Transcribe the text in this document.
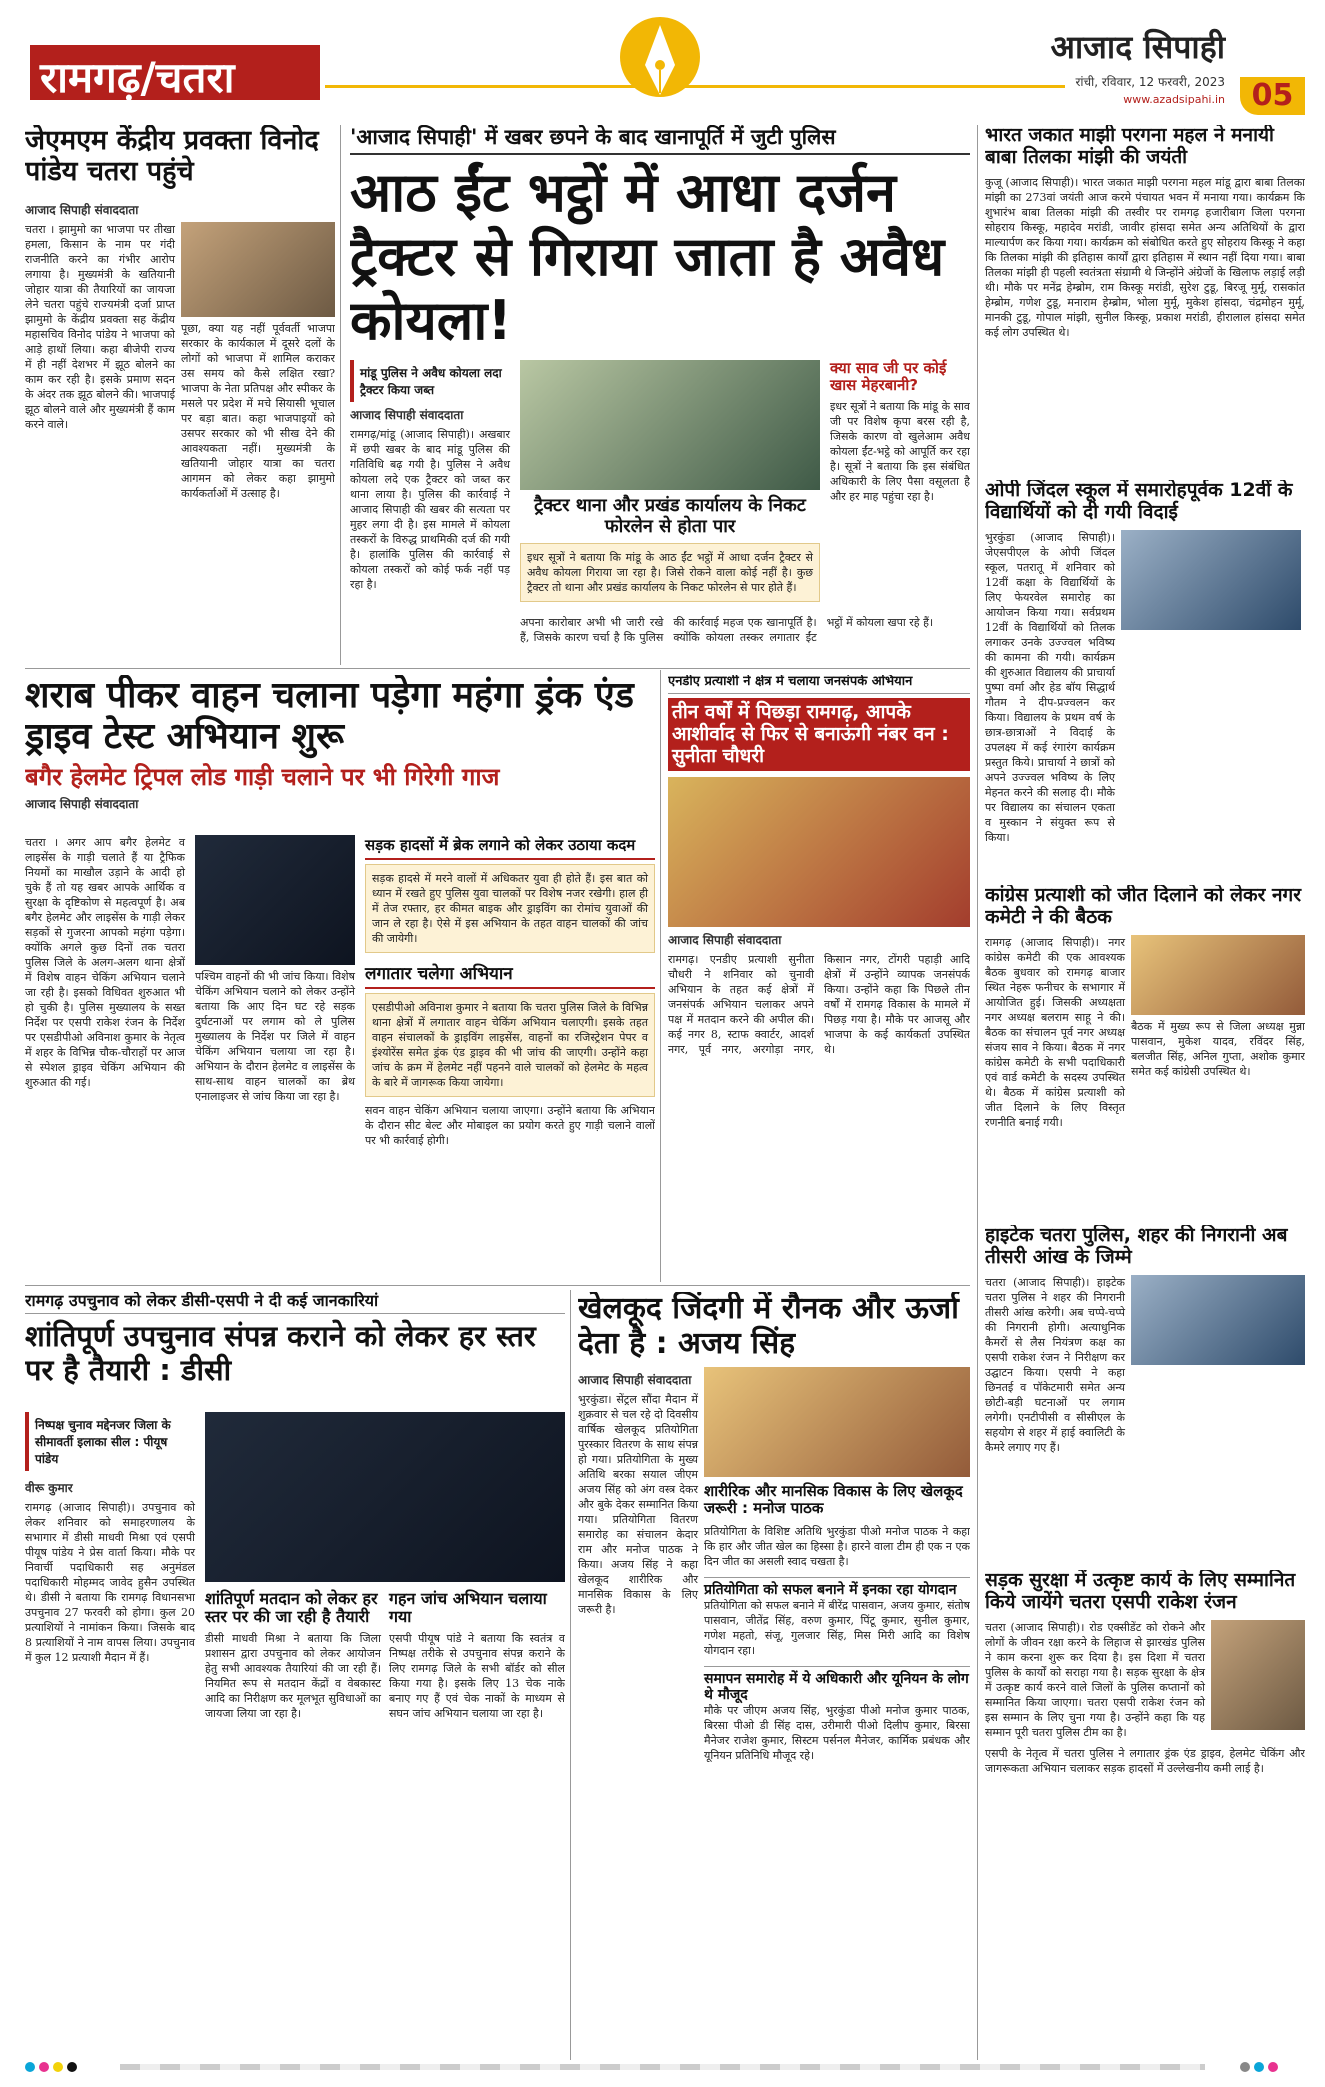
रामगढ़/चतरा
आजाद सिपाही
रांची, रविवार, 12 फरवरी, 2023
www.azadsipahi.in 05
जेएमएम केंद्रीय प्रवक्ता विनोद पांडेय चतरा पहुंचे
आजाद सिपाही संवाददाता
चतरा । झामुमो का भाजपा पर तीखा हमला, किसान के नाम पर गंदी राजनीति करने का गंभीर आरोप लगाया है। मुख्यमंत्री के खतियानी जोहार यात्रा की तैयारियों का जायजा लेने चतरा पहुंचे राज्यमंत्री दर्जा प्राप्त झामुमो के केंद्रीय प्रवक्ता सह केंद्रीय महासचिव विनोद पांडेय ने भाजपा को आड़े हाथों लिया। कहा बीजेपी राज्य में ही नहीं देशभर में झूठ बोलने का काम कर रही है। इसके प्रमाण सदन के अंदर तक झूठ बोलने की। भाजपाई झूठ बोलने वाले और मुख्यमंत्री हैं काम करने वाले।
पूछा, क्या यह नहीं पूर्ववर्ती भाजपा सरकार के कार्यकाल में दूसरे दलों के लोगों को भाजपा में शामिल कराकर उस समय को कैसे लक्षित रखा? भाजपा के नेता प्रतिपक्ष और स्पीकर के मसले पर प्रदेश में मचे सियासी भूचाल पर बड़ा बात। कहा भाजपाइयों को उसपर सरकार को भी सीख देने की आवश्यकता नहीं। मुख्यमंत्री के खतियानी जोहार यात्रा का चतरा आगमन को लेकर कहा झामुमो कार्यकर्ताओं में उत्साह है।
'आजाद सिपाही' में खबर छपने के बाद खानापूर्ति में जुटी पुलिस
आठ ईंट भट्ठों में आधा दर्जन ट्रैक्टर से गिराया जाता है अवैध कोयला!
मांडू पुलिस ने अवैध कोयला लदा ट्रैक्टर किया जब्त
आजाद सिपाही संवाददाता
रामगढ़/मांडू (आजाद सिपाही)। अखबार में छपी खबर के बाद मांडू पुलिस की गतिविधि बढ़ गयी है। पुलिस ने अवैध कोयला लदे एक ट्रैक्टर को जब्त कर थाना लाया है। पुलिस की कार्रवाई ने आजाद सिपाही की खबर की सत्यता पर मुहर लगा दी है। इस मामले में कोयला तस्करों के विरुद्ध प्राथमिकी दर्ज की गयी है। हालांकि पुलिस की कार्रवाई से कोयला तस्करों को कोई फर्क नहीं पड़ रहा है।
ट्रैक्टर थाना और प्रखंड कार्यालय के निकट फोरलेन से होता पार
इधर सूत्रों ने बताया कि मांडू के आठ ईंट भट्ठों में आधा दर्जन ट्रैक्टर से अवैध कोयला गिराया जा रहा है। जिसे रोकने वाला कोई नहीं है। कुछ ट्रैक्टर तो थाना और प्रखंड कार्यालय के निकट फोरलेन से पार होते हैं।
क्या साव जी पर कोई खास मेहरबानी?
इधर सूत्रों ने बताया कि मांडू के साव जी पर विशेष कृपा बरस रही है, जिसके कारण वो खुलेआम अवैध कोयला ईंट-भट्ठे को आपूर्ति कर रहा है। सूत्रों ने बताया कि इस संबंधित अधिकारी के लिए पैसा वसूलता है और हर माह पहुंचा रहा है।
अपना कारोबार अभी भी जारी रखे हैं, जिसके कारण चर्चा है कि पुलिस की कार्रवाई महज एक खानापूर्ति है। क्योंकि कोयला तस्कर लगातार ईंट भट्ठों में कोयला खपा रहे हैं।
भारत जकात माझी परगना महल ने मनायी बाबा तिलका मांझी की जयंती
कुजू (आजाद सिपाही)। भारत जकात माझी परगना महल मांडू द्वारा बाबा तिलका मांझी का 273वां जयंती आज करमे पंचायत भवन में मनाया गया। कार्यक्रम कि शुभारंभ बाबा तिलका मांझी की तस्वीर पर रामगढ़ हजारीबाग जिला परगना सोहराय किस्कू, महादेव मरांडी, जावीर हांसदा समेत अन्य अतिथियों के द्वारा माल्यार्पण कर किया गया। कार्यक्रम को संबोधित करते हुए सोहराय किस्कू ने कहा कि तिलका मांझी की इतिहास कार्यों द्वारा इतिहास में स्थान नहीं दिया गया। बाबा तिलका मांझी ही पहली स्वतंत्रता संग्रामी थे जिन्होंने अंग्रेजों के खिलाफ लड़ाई लड़ी थी। मौके पर मनेंद्र हेम्ब्रोम, राम किस्कू मरांडी, सुरेश टुडू, बिरजू मुर्मू, रासकांत हेम्ब्रोम, गणेश टुडू, मनाराम हेम्ब्रोम, भोला मुर्मू, मुकेश हांसदा, चंद्रमोहन मुर्मू, मानकी टुडू, गोपाल मांझी, सुनील किस्कू, प्रकाश मरांडी, हीरालाल हांसदा समेत कई लोग उपस्थित थे।
ओपी जिंदल स्कूल में समारोहपूर्वक 12वीं के विद्यार्थियों को दी गयी विदाई
भुरकुंडा (आजाद सिपाही)। जेएसपीएल के ओपी जिंदल स्कूल, पतरातू में शनिवार को 12वीं कक्षा के विद्यार्थियों के लिए फेयरवेल समारोह का आयोजन किया गया। सर्वप्रथम 12वीं के विद्यार्थियों को तिलक लगाकर उनके उज्ज्वल भविष्य की कामना की गयी। कार्यक्रम की शुरुआत विद्यालय की प्राचार्या पुष्पा वर्मा और हेड बॉय सिद्धार्थ गौतम ने दीप-प्रज्वलन कर किया। विद्यालय के प्रथम वर्ष के छात्र-छात्राओं ने विदाई के उपलक्ष्य में कई रंगारंग कार्यक्रम प्रस्तुत किये। प्राचार्या ने छात्रों को अपने उज्ज्वल भविष्य के लिए मेहनत करने की सलाह दी। मौके पर विद्यालय का संचालन एकता व मुस्कान ने संयुक्त रूप से किया।
शराब पीकर वाहन चलाना पड़ेगा महंगा ड्रंक एंड ड्राइव टेस्ट अभियान शुरू
बगैर हेलमेट ट्रिपल लोड गाड़ी चलाने पर भी गिरेगी गाज
आजाद सिपाही संवाददाता
चतरा । अगर आप बगैर हेलमेट व लाइसेंस के गाड़ी चलाते हैं या ट्रैफिक नियमों का माखौल उड़ाने के आदी हो चुके हैं तो यह खबर आपके आर्थिक व सुरक्षा के दृष्टिकोण से महत्वपूर्ण है। अब बगैर हेलमेट और लाइसेंस के गाड़ी लेकर सड़कों से गुजरना आपको महंगा पड़ेगा। क्योंकि अगले कुछ दिनों तक चतरा पुलिस जिले के अलग-अलग थाना क्षेत्रों में विशेष वाहन चेकिंग अभियान चलाने जा रही है। इसको विधिवत शुरुआत भी हो चुकी है। पुलिस मुख्यालय के सख्त निर्देश पर एसपी राकेश रंजन के निर्देश पर एसडीपीओ अविनाश कुमार के नेतृत्व में शहर के विभिन्न चौक-चौराहों पर आज से स्पेशल ड्राइव चेकिंग अभियान की शुरुआत की गई।
पश्चिम वाहनों की भी जांच किया। विशेष चेकिंग अभियान चलाने को लेकर उन्होंने बताया कि आए दिन घट रहे सड़क दुर्घटनाओं पर लगाम को ले पुलिस मुख्यालय के निर्देश पर जिले में वाहन चेकिंग अभियान चलाया जा रहा है। अभियान के दौरान हेलमेट व लाइसेंस के साथ-साथ वाहन चालकों का ब्रेथ एनालाइजर से जांच किया जा रहा है।
सड़क हादसों में ब्रेक लगाने को लेकर उठाया कदम
सड़क हादसे में मरने वालों में अधिकतर युवा ही होते हैं। इस बात को ध्यान में रखते हुए पुलिस युवा चालकों पर विशेष नजर रखेगी। हाल ही में तेज रफ्तार, हर कीमत बाइक और ड्राइविंग का रोमांच युवाओं की जान ले रहा है। ऐसे में इस अभियान के तहत वाहन चालकों की जांच की जायेगी।
लगातार चलेगा अभियान
एसडीपीओ अविनाश कुमार ने बताया कि चतरा पुलिस जिले के विभिन्न थाना क्षेत्रों में लगातार वाहन चेकिंग अभियान चलाएगी। इसके तहत वाहन संचालकों के ड्राइविंग लाइसेंस, वाहनों का रजिस्ट्रेशन पेपर व इंश्योरेंस समेत ड्रंक एंड ड्राइव की भी जांच की जाएगी। उन्होंने कहा जांच के क्रम में हेलमेट नहीं पहनने वाले चालकों को हेलमेट के महत्व के बारे में जागरूक किया जायेगा।
सवन वाहन चेकिंग अभियान चलाया जाएगा। उन्होंने बताया कि अभियान के दौरान सीट बेल्ट और मोबाइल का प्रयोग करते हुए गाड़ी चलाने वालों पर भी कार्रवाई होगी।
एनडीए प्रत्याशी ने क्षेत्र में चलाया जनसंपर्क अभियान
तीन वर्षों में पिछड़ा रामगढ़, आपके आशीर्वाद से फिर से बनाऊंगी नंबर वन : सुनीता चौधरी
आजाद सिपाही संवाददाता
रामगढ़। एनडीए प्रत्याशी सुनीता चौधरी ने शनिवार को चुनावी अभियान के तहत कई क्षेत्रों में जनसंपर्क अभियान चलाकर अपने पक्ष में मतदान करने की अपील की। कई नगर 8, स्टाफ क्वार्टर, आदर्श नगर, पूर्व नगर, अरगोड़ा नगर, किसान नगर, टोंगरी पहाड़ी आदि क्षेत्रों में उन्होंने व्यापक जनसंपर्क किया। उन्होंने कहा कि पिछले तीन वर्षों में रामगढ़ विकास के मामले में पिछड़ गया है। मौके पर आजसू और भाजपा के कई कार्यकर्ता उपस्थित थे।
कांग्रेस प्रत्याशी को जीत दिलाने को लेकर नगर कमेटी ने की बैठक
रामगढ़ (आजाद सिपाही)। नगर कांग्रेस कमेटी की एक आवश्यक बैठक बुधवार को रामगढ़ बाजार स्थित नेहरू फनीचर के सभागार में आयोजित हुई। जिसकी अध्यक्षता नगर अध्यक्ष बलराम साहू ने की। बैठक का संचालन पूर्व नगर अध्यक्ष संजय साव ने किया। बैठक में नगर कांग्रेस कमेटी के सभी पदाधिकारी एवं वार्ड कमेटी के सदस्य उपस्थित थे। बैठक में कांग्रेस प्रत्याशी को जीत दिलाने के लिए विस्तृत रणनीति बनाई गयी।
बैठक में मुख्य रूप से जिला अध्यक्ष मुन्ना पासवान, मुकेश यादव, रविंदर सिंह, बलजीत सिंह, अनिल गुप्ता, अशोक कुमार समेत कई कांग्रेसी उपस्थित थे।
हाइटेक चतरा पुलिस, शहर की निगरानी अब तीसरी आंख के जिम्मे
चतरा (आजाद सिपाही)। हाइटेक चतरा पुलिस ने शहर की निगरानी तीसरी आंख करेगी। अब चप्पे-चप्पे की निगरानी होगी। अत्याधुनिक कैमरों से लैस नियंत्रण कक्ष का एसपी राकेश रंजन ने निरीक्षण कर उद्घाटन किया। एसपी ने कहा छिनतई व पॉकेटमारी समेत अन्य छोटी-बड़ी घटनाओं पर लगाम लगेगी। एनटीपीसी व सीसीएल के सहयोग से शहर में हाई क्वालिटी के कैमरे लगाए गए हैं।
सड़क सुरक्षा में उत्कृष्ट कार्य के लिए सम्मानित किये जायेंगे चतरा एसपी राकेश रंजन
चतरा (आजाद सिपाही)। रोड एक्सीडेंट को रोकने और लोगों के जीवन रक्षा करने के लिहाज से झारखंड पुलिस ने काम करना शुरू कर दिया है। इस दिशा में चतरा पुलिस के कार्यों को सराहा गया है। सड़क सुरक्षा के क्षेत्र में उत्कृष्ट कार्य करने वाले जिलों के पुलिस कप्तानों को सम्मानित किया जाएगा। चतरा एसपी राकेश रंजन को इस सम्मान के लिए चुना गया है। उन्होंने कहा कि यह सम्मान पूरी चतरा पुलिस टीम का है।
एसपी के नेतृत्व में चतरा पुलिस ने लगातार ड्रंक एंड ड्राइव, हेलमेट चेकिंग और जागरूकता अभियान चलाकर सड़क हादसों में उल्लेखनीय कमी लाई है।
रामगढ़ उपचुनाव को लेकर डीसी-एसपी ने दी कई जानकारियां
शांतिपूर्ण उपचुनाव संपन्न कराने को लेकर हर स्तर पर है तैयारी : डीसी
निष्पक्ष चुनाव मद्देनजर जिला के सीमावर्ती इलाका सील : पीयूष पांडेय
वीरू कुमार
रामगढ़ (आजाद सिपाही)। उपचुनाव को लेकर शनिवार को समाहरणालय के सभागार में डीसी माधवी मिश्रा एवं एसपी पीयूष पांडेय ने प्रेस वार्ता किया। मौके पर निवार्ची पदाधिकारी सह अनुमंडल पदाधिकारी मोहम्मद जावेद हुसैन उपस्थित थे। डीसी ने बताया कि रामगढ़ विधानसभा उपचुनाव 27 फरवरी को होगा। कुल 20 प्रत्याशियों ने नामांकन किया। जिसके बाद 8 प्रत्याशियों ने नाम वापस लिया। उपचुनाव में कुल 12 प्रत्याशी मैदान में हैं।
शांतिपूर्ण मतदान को लेकर हर स्तर पर की जा रही है तैयारी
डीसी माधवी मिश्रा ने बताया कि जिला प्रशासन द्वारा उपचुनाव को लेकर आयोजन हेतु सभी आवश्यक तैयारियां की जा रही हैं। नियमित रूप से मतदान केंद्रों व वेबकास्ट आदि का निरीक्षण कर मूलभूत सुविधाओं का जायजा लिया जा रहा है।
गहन जांच अभियान चलाया गया
एसपी पीयूष पांडे ने बताया कि स्वतंत्र व निष्पक्ष तरीके से उपचुनाव संपन्न कराने के लिए रामगढ़ जिले के सभी बॉर्डर को सील किया गया है। इसके लिए 13 चेक नाके बनाए गए हैं एवं चेक नाकों के माध्यम से सघन जांच अभियान चलाया जा रहा है।
खेलकूद जिंदगी में रौनक और ऊर्जा देता है : अजय सिंह
आजाद सिपाही संवाददाता
भुरकुंडा। सेंट्रल सौंदा मैदान में शुक्रवार से चल रहे दो दिवसीय वार्षिक खेलकूद प्रतियोगिता पुरस्कार वितरण के साथ संपन्न हो गया। प्रतियोगिता के मुख्य अतिथि बरका सयाल जीएम अजय सिंह को अंग वस्त्र देकर और बुके देकर सम्मानित किया गया। प्रतियोगिता वितरण समारोह का संचालन केदार राम और मनोज पाठक ने किया। अजय सिंह ने कहा खेलकूद शारीरिक और मानसिक विकास के लिए जरूरी है।
शारीरिक और मानसिक विकास के लिए खेलकूद जरूरी : मनोज पाठक
प्रतियोगिता के विशिष्ट अतिथि भुरकुंडा पीओ मनोज पाठक ने कहा कि हार और जीत खेल का हिस्सा है। हारने वाला टीम ही एक न एक दिन जीत का असली स्वाद चखता है।
प्रतियोगिता को सफल बनाने में इनका रहा योगदान
प्रतियोगिता को सफल बनाने में बीरेंद्र पासवान, अजय कुमार, संतोष पासवान, जीतेंद्र सिंह, वरुण कुमार, पिंटू कुमार, सुनील कुमार, गणेश महतो, संजू, गुलजार सिंह, मिस मिरी आदि का विशेष योगदान रहा।
समापन समारोह में ये अधिकारी और यूनियन के लोग थे मौजूद
मौके पर जीएम अजय सिंह, भुरकुंडा पीओ मनोज कुमार पाठक, बिरसा पीओ डी सिंह दास, उरीमारी पीओ दिलीप कुमार, बिरसा मैनेजर राजेश कुमार, सिस्टम पर्सनल मैनेजर, कार्मिक प्रबंधक और यूनियन प्रतिनिधि मौजूद रहे।
